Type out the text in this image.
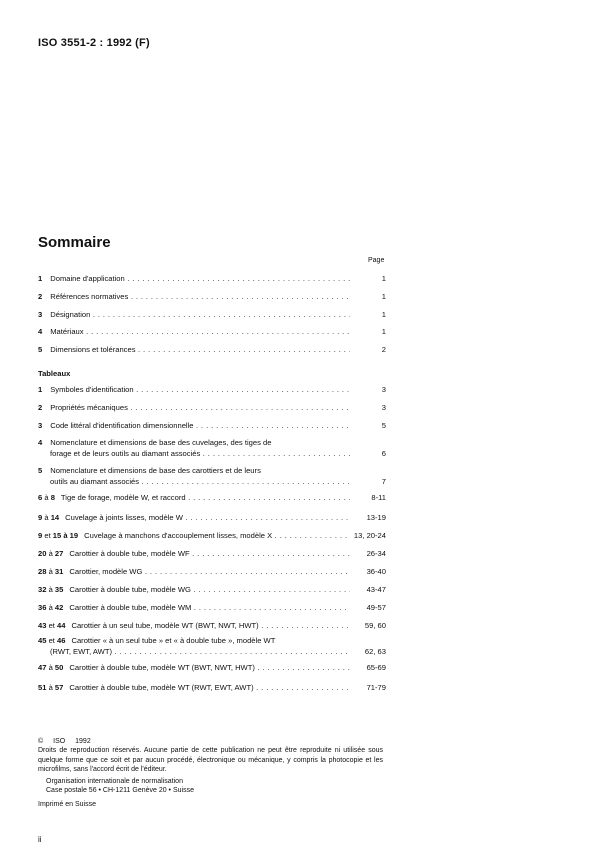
ISO 3551-2 : 1992 (F)
Sommaire
Page
1 Domaine d'application . . .	1
2 Références normatives . . .	1
3 Désignation . . .	1
4 Matériaux . . .	1
5 Dimensions et tolérances . . .	2
1 Symboles d'identification . . .	3
2 Propriétés mécaniques . . .	3
3 Code littéral d'identification dimensionnelle . . .	5
4 Nomenclature et dimensions de base des cuvelages, des tiges de
forage et de leurs outils au diamant associés . . .	6
5 Nomenclature et dimensions de base des carottiers et de leurs
outils au diamant associés . . .	7
6 à 8 Tige de forage, modèle W, et raccord . . .	8-11
9 à 14 Cuvelage à joints lisses, modèle W . . .	13-19
9 et 15 à 19 Cuvelage à manchons d'accouplement lisses, modèle X . . .	13, 20-24
20 à 27 Carottier à double tube, modèle WF . . .	26-34
28 à 31 Carottier, modèle WG . . .	36-40
32 à 35 Carottier à double tube, modèle WG . . .	43-47
36 à 42 Carottier à double tube, modèle WM . . .	49-57
43 et 44 Carottier à un seul tube, modèle WT (BWT, NWT, HWT) . . .	59, 60
45 et 46 Carottier « à un seul tube » et « à double tube », modèle WT
(RWT, EWT, AWT) . . .	62, 63
47 à 50 Carottier à double tube, modèle WT (BWT, NWT, HWT) . . .	65-69
51 à 57 Carottier à double tube, modèle WT (RWT, EWT, AWT) . . .	71-79
Tableaux

© ISO 1992

Droits de reproduction réservés. Aucune partie de cette publication ne peut être reproduite ni utilisée sous quelque forme que ce soit et par aucun procédé, électronique ou mécanique, y compris la photocopie et les microfilms, sans l'accord écrit de l'éditeur.

Organisation internationale de normalisation

Case postale 56 • CH-1211 Genève 20 • Suisse

Imprimé en Suisse

ii
